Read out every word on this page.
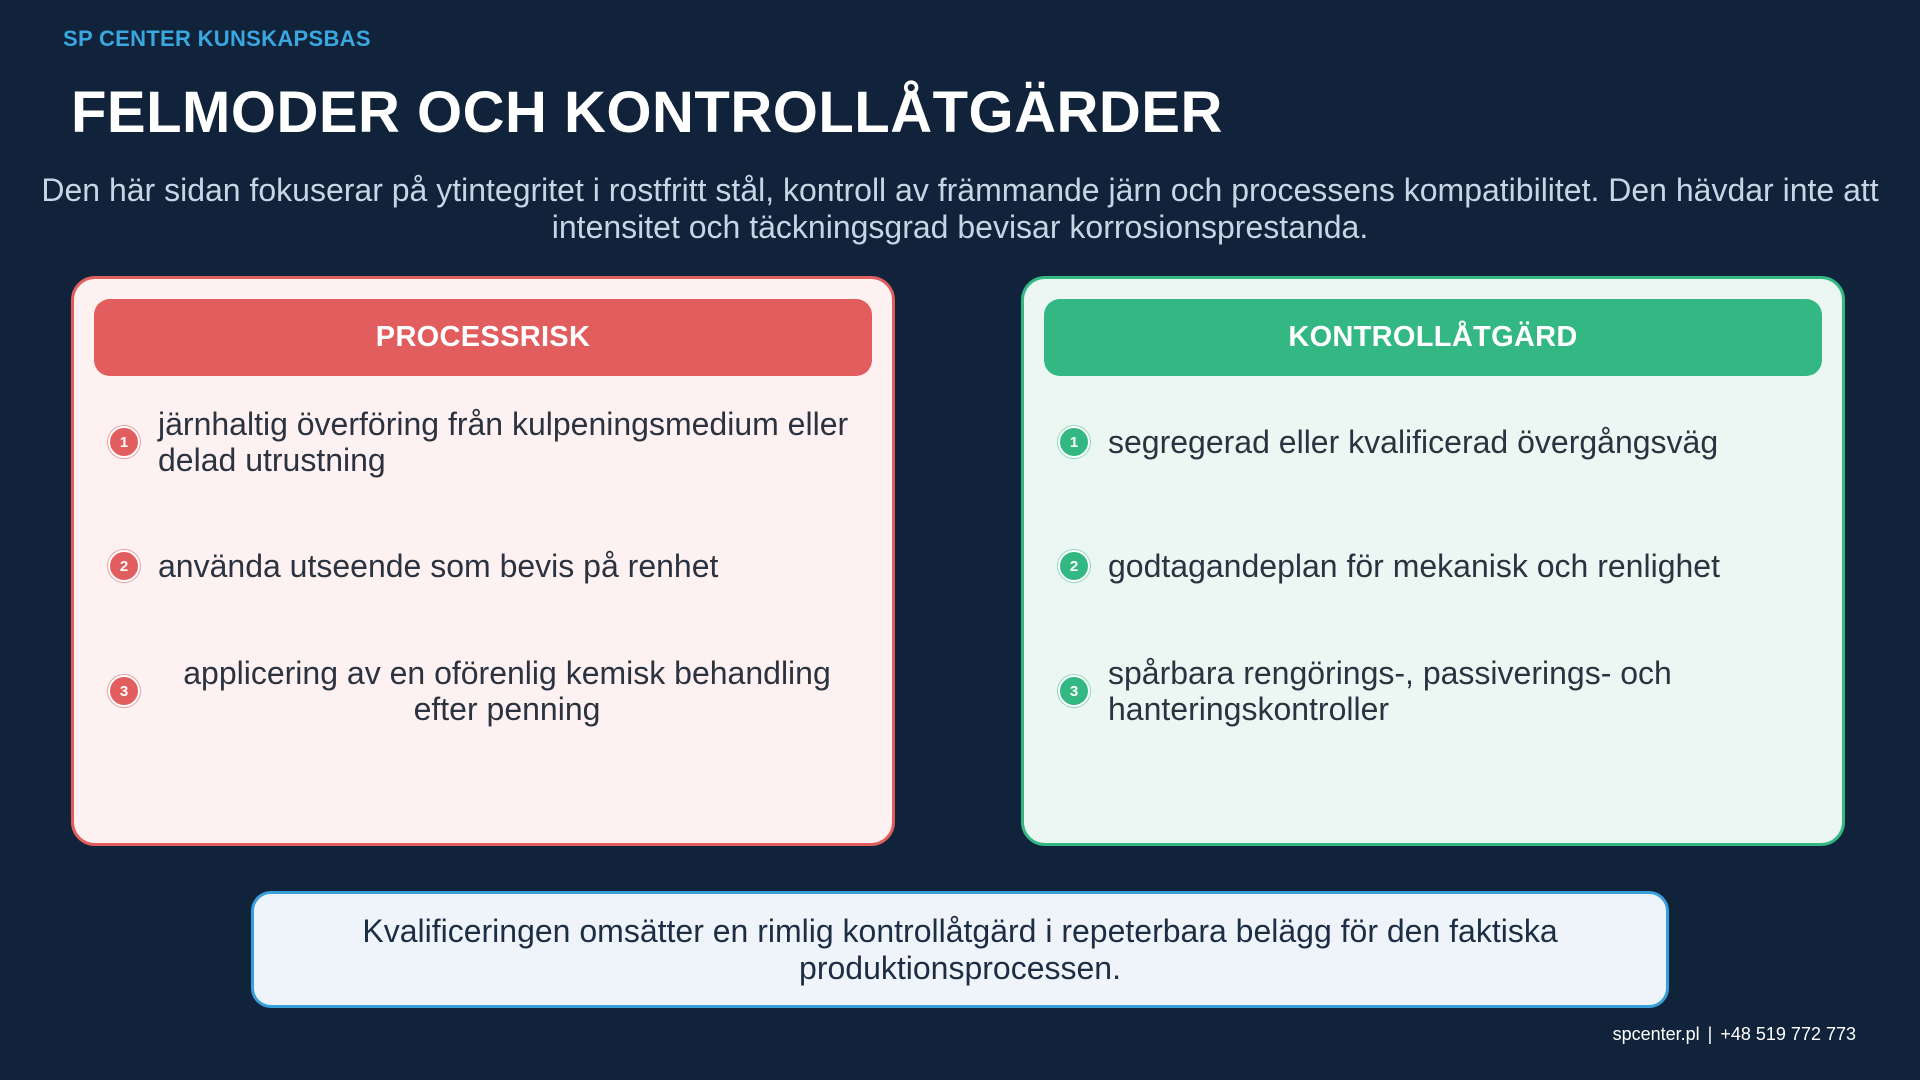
SP CENTER KUNSKAPSBAS
FELMODER OCH KONTROLLÅTGÄRDER
Den här sidan fokuserar på ytintegritet i rostfritt stål, kontroll av främmande järn och processens kompatibilitet. Den hävdar inte att intensitet och täckningsgrad bevisar korrosionsprestanda.
PROCESSRISK
1 järnhaltig överföring från kulpeningsmedium eller delad utrustning
2 använda utseende som bevis på renhet
3	applicering av en oförenlig kemisk behandling efter penning
KONTROLLÅTGÄRD
1 segregerad eller kvalificerad övergångsväg
2 godtagandeplan för mekanisk och renlighet
3 spårbara rengörings-, passiverings- och hanteringskontroller
Kvalificeringen omsätter en rimlig kontrollåtgärd i repeterbara belägg för den faktiska produktionsprocessen.
spcenter.pl | +48 519 772 773
